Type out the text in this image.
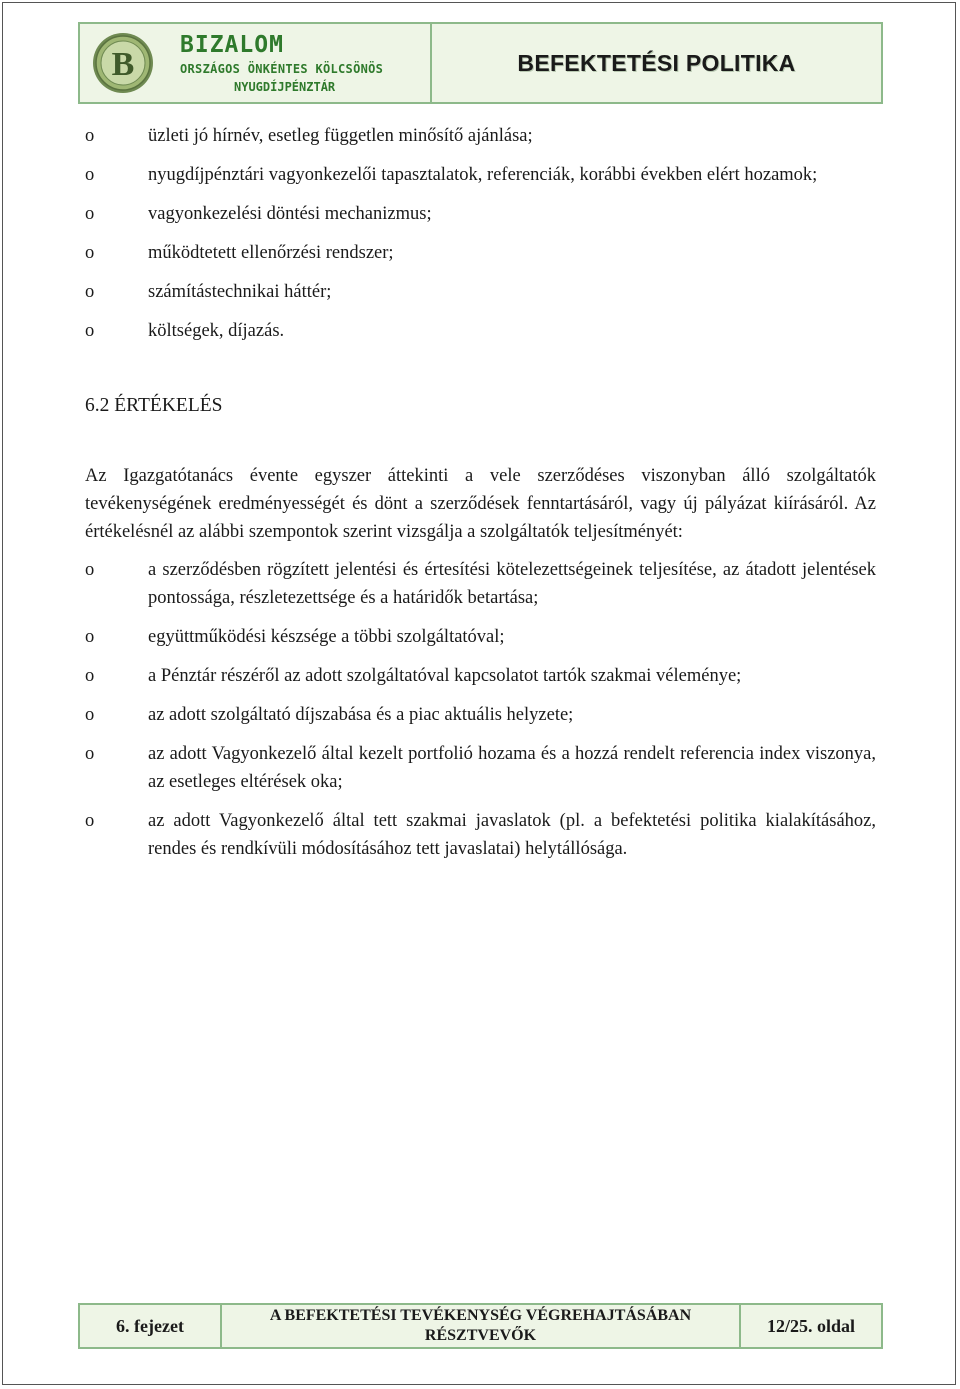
B
BIZALOM
ORSZÁGOS ÖNKÉNTES KÖLCSÖNÖS
NYUGDÍJPÉNZTÁR
BEFEKTETÉSI POLITIKA
o	üzleti jó hírnév, esetleg független minősítő ajánlása;
o	nyugdíjpénztári vagyonkezelői tapasztalatok, referenciák, korábbi években elért hozamok;
o	vagyonkezelési döntési mechanizmus;
o	működtetett ellenőrzési rendszer;
o	számítástechnikai háttér;
o	költségek, díjazás.
6.2 ÉRTÉKELÉS
Az Igazgatótanács évente egyszer áttekinti a vele szerződéses viszonyban álló szolgáltatók tevékenységének eredményességét és dönt a szerződések fenntartásáról, vagy új pályázat kiírásáról. Az értékelésnél az alábbi szempontok szerint vizsgálja a szolgáltatók teljesítményét:
o	a szerződésben rögzített jelentési és értesítési kötelezettségeinek teljesítése, az átadott jelentések pontossága, részletezettsége és a határidők betartása;
o	együttműködési készsége a többi szolgáltatóval;
o	a Pénztár részéről az adott szolgáltatóval kapcsolatot tartók szakmai véleménye;
o	az adott szolgáltató díjszabása és a piac aktuális helyzete;
o	az adott Vagyonkezelő által kezelt portfolió hozama és a hozzá rendelt referencia index viszonya, az esetleges eltérések oka;
o	az adott Vagyonkezelő által tett szakmai javaslatok (pl. a befektetési politika kialakításához, rendes és rendkívüli módosításához tett javaslatai) helytállósága.
6. fejezet	A BEFEKTETÉSI TEVÉKENYSÉG VÉGREHAJTÁSÁBAN RÉSZTVEVŐK	12/25. oldal
